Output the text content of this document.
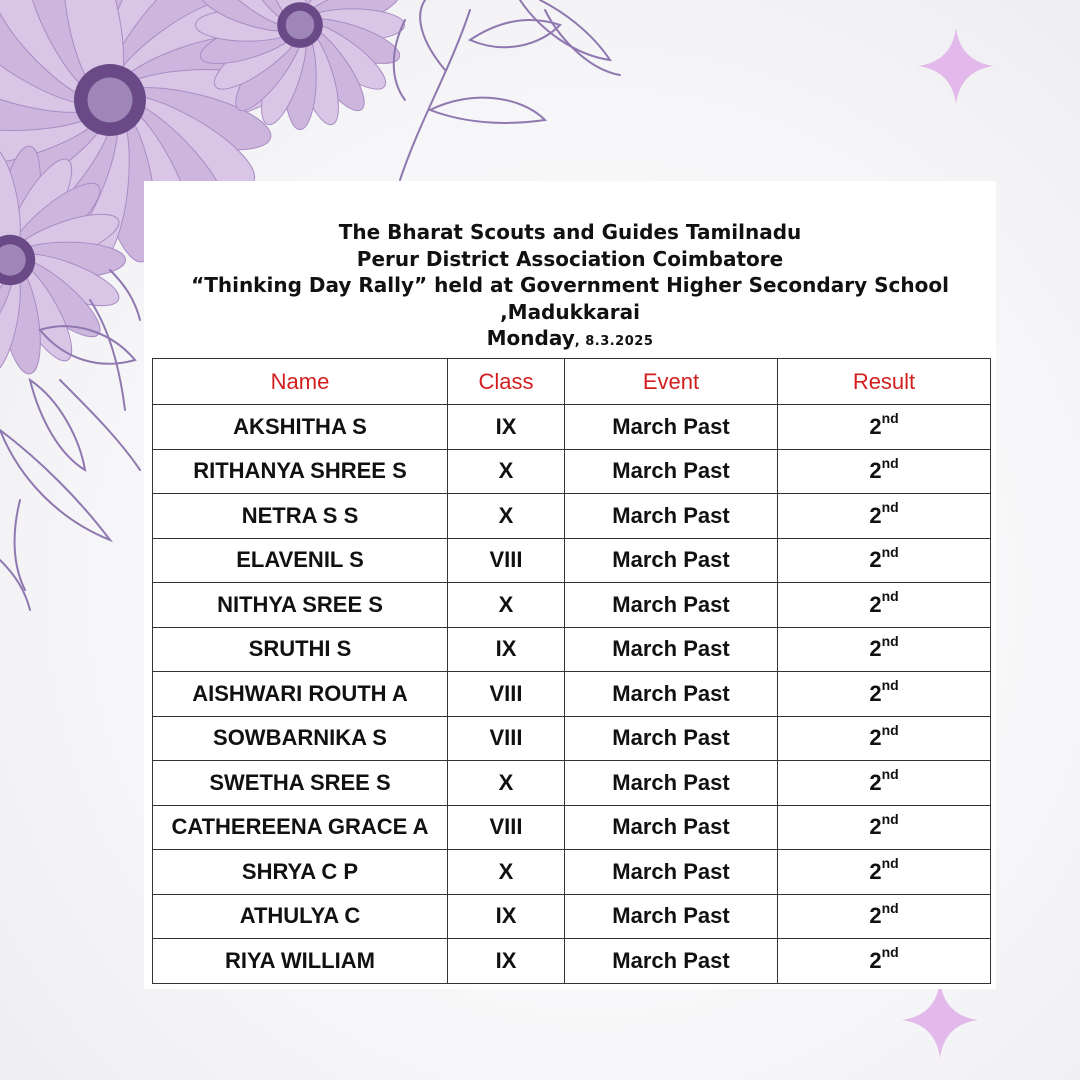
The Bharat Scouts and Guides Tamilnadu
Perur District Association Coimbatore
“Thinking Day Rally” held at Government Higher Secondary School
,Madukkarai
Monday, 8.3.2025
Name	Class	Event	Result
AKSHITHA S	IX	March Past	2nd
RITHANYA SHREE S	X	March Past	2nd
NETRA S S	X	March Past	2nd
ELAVENIL S	VIII	March Past	2nd
NITHYA SREE S	X	March Past	2nd
SRUTHI S	IX	March Past	2nd
AISHWARI ROUTH A	VIII	March Past	2nd
SOWBARNIKA S	VIII	March Past	2nd
SWETHA SREE S	X	March Past	2nd
CATHEREENA GRACE A	VIII	March Past	2nd
SHRYA C P	X	March Past	2nd
ATHULYA C	IX	March Past	2nd
RIYA WILLIAM	IX	March Past	2nd
